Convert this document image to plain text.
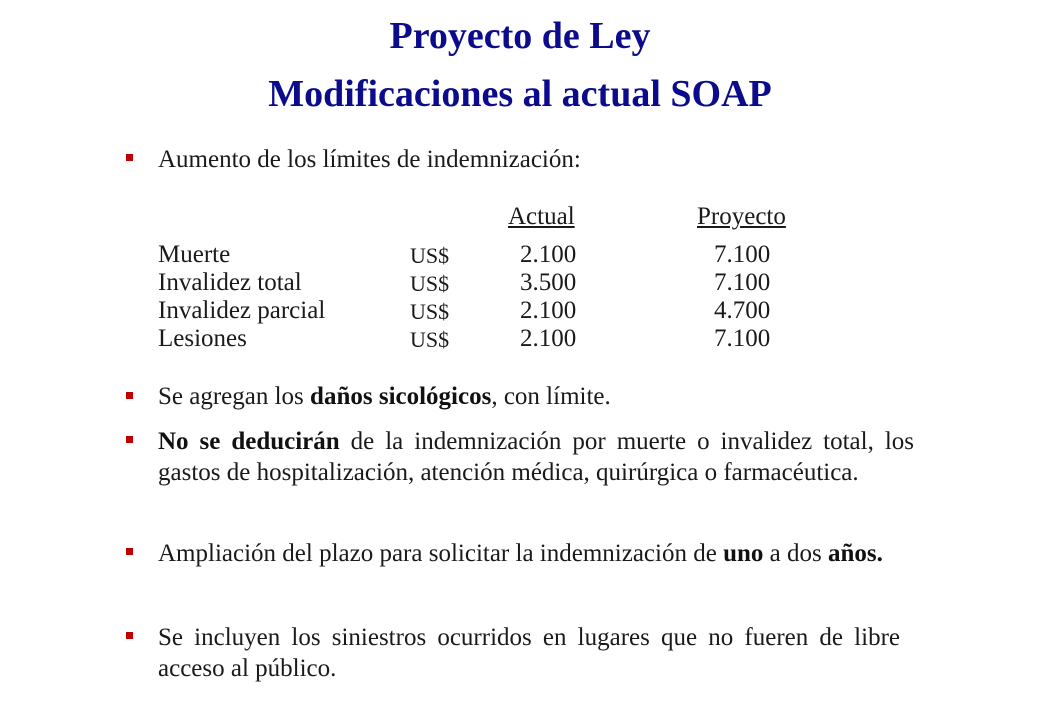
Proyecto de Ley
Modificaciones al actual SOAP
Aumento de los límites de indemnización:
Actual	Proyecto
Muerte	US$	2.100	7.100
Invalidez total	US$	3.500	7.100
Invalidez parcial	US$	2.100	4.700
Lesiones	US$	2.100	7.100
Se agregan los daños sicológicos, con límite.
No se deducirán de la indemnización por muerte o invalidez total, los gastos de hospitalización, atención médica, quirúrgica o farmacéutica.
Ampliación del plazo para solicitar la indemnización de uno a dos años.
Se incluyen los siniestros ocurridos en lugares que no fueren de libre acceso al público.
